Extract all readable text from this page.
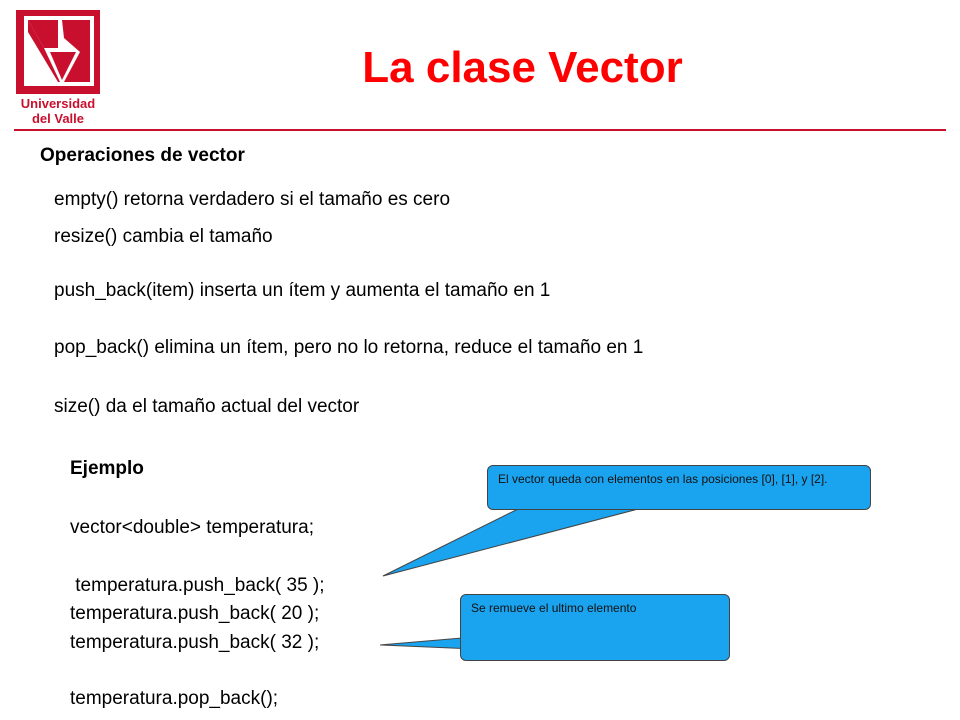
Universidad
del Valle
La clase Vector
Operaciones de vector
empty() retorna verdadero si el tamaño es cero
resize() cambia el tamaño
push_back(item) inserta un ítem y aumenta el tamaño en 1
pop_back() elimina un ítem, pero no lo retorna, reduce el tamaño en 1
size() da el tamaño actual del vector
Ejemplo
vector<double> temperatura;
temperatura.push_back( 35 );
temperatura.push_back( 20 );
temperatura.push_back( 32 );
temperatura.pop_back();
El vector queda con elementos en las posiciones [0], [1], y [2].
Se remueve el ultimo elemento
